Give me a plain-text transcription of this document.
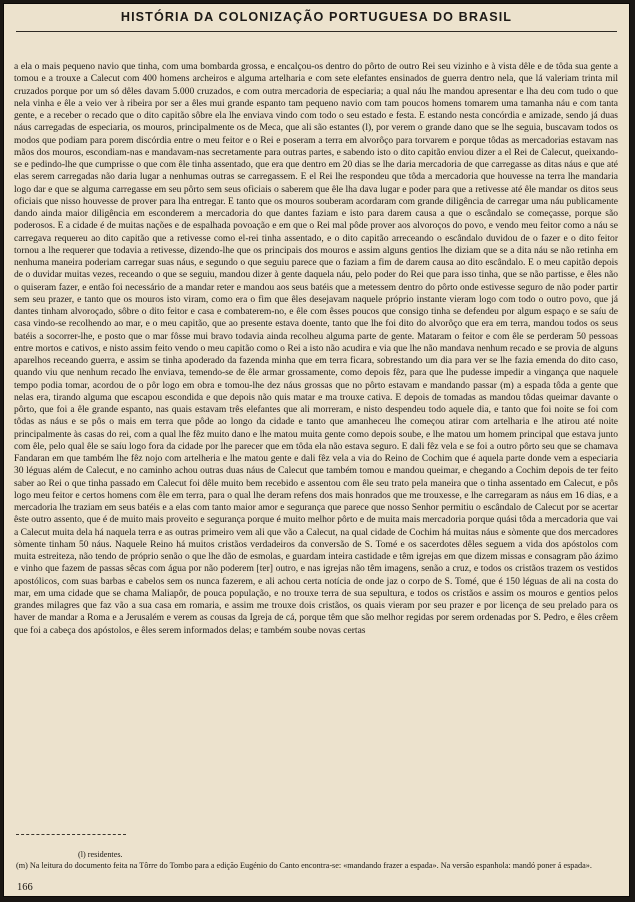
HISTÓRIA DA COLONIZAÇÃO PORTUGUESA DO BRASIL

a ela o mais pequeno navio que tinha, com uma bombarda grossa, e encalçou-os dentro do pôrto de outro Rei seu vizinho e à vista dêle e de tôda sua gente a tomou e a trouxe a Calecut com 400 homens archeiros e alguma artelharia e com sete elefantes ensinados de guerra dentro nela, que lá valeriam trinta mil cruzados porque por um só dêles davam 5.000 cruzados, e com outra mercadoria de especiaria; a qual náu lhe mandou apresentar e lha deu com tudo o que nela vinha e êle a veio ver à ribeira por ser a êles mui grande espanto tam pequeno navio com tam poucos homens tomarem uma tamanha náu e com tanta gente, e a receber o recado que o dito capitão sôbre ela lhe enviava vindo com todo o seu estado e festa. E estando nesta concórdia e amizade, sendo já duas náus carregadas de especiaria, os mouros, principalmente os de Meca, que ali são estantes (l), por verem o grande dano que se lhe seguia, buscavam todos os modos que podiam para porem discórdia entre o meu feitor e o Rei e poseram a terra em alvorôço para torvarem e porque tôdas as mercadorias estavam nas mãos dos mouros, escondiam-nas e mandavam-nas secretamente para outras partes, e sabendo isto o dito capitão enviou dizer a el Rei de Calecut, queixando-se e pedindo-lhe que cumprisse o que com êle tinha assentado, que era que dentro em 20 dias se lhe daria mercadoria de que carregasse as ditas náus e que até elas serem carregadas não daria lugar a nenhumas outras se carregassem. E el Rei lhe respondeu que tôda a mercadoria que houvesse na terra lhe mandaria logo dar e que se alguma carregasse em seu pôrto sem seus oficiais o saberem que êle lha dava lugar e poder para que a retivesse até êle mandar os ditos seus oficiais que nisso houvesse de prover para lha entregar. E tanto que os mouros souberam acordaram com grande diligência de carregar uma náu publicamente dando ainda maior diligência em esconderem a mercadoria do que dantes faziam e isto para darem causa a que o escândalo se começasse, porque são poderosos. E a cidade é de muitas nações e de espalhada povoação e em que o Rei mal pôde prover aos alvoroços do povo, e vendo meu feitor como a náu se carregava requereu ao dito capitão que a retivesse como el-rei tinha assentado, e o dito capitão arreceando o escândalo duvidou de o fazer e o dito feitor tornou a lhe requerer que todavia a retivesse, dizendo-lhe que os principais dos mouros e assim alguns gentios lhe diziam que se a dita náu se não retinha em nenhuma maneira poderiam carregar suas náus, e segundo o que seguiu parece que o faziam a fim de darem causa ao dito escândalo. E o meu capitão depois de o duvidar muitas vezes, receando o que se seguiu, mandou dizer à gente daquela náu, pelo poder do Rei que para isso tinha, que se não partisse, e êles não o quiseram fazer, e então foi necessário de a mandar reter e mandou aos seus batéis que a metessem dentro do pôrto onde estivesse seguro de não poder partir sem seu prazer, e tanto que os mouros isto viram, como era o fim que êles desejavam naquele próprio instante vieram logo com todo o outro povo, que já dantes tinham alvoroçado, sôbre o dito feitor e casa e combaterem-no, e êle com êsses poucos que consigo tinha se defendeu por algum espaço e se saíu de casa vindo-se recolhendo ao mar, e o meu capitão, que ao presente estava doente, tanto que lhe foi dito do alvorôço que era em terra, mandou todos os seus batéis a socorrer-lhe, e posto que o mar fôsse mui bravo todavia ainda recolheu alguma parte de gente. Mataram o feitor e com êle se perderam 50 pessoas entre mortos e cativos, e nisto assim feito vendo o meu capitão como o Rei a isto não acudira e via que lhe não mandava nenhum recado e se provia de alguns aparelhos receando guerra, e assim se tinha apoderado da fazenda minha que em terra ficara, sobrestando um dia para ver se lhe fazia emenda do dito caso, quando viu que nenhum recado lhe enviava, temendo-se de êle armar grossamente, como depois fêz, para que lhe pudesse impedir a vingança que naquele tempo podia tomar, acordou de o pôr logo em obra e tomou-lhe dez náus grossas que no pôrto estavam e mandando passar (m) a espada tôda a gente que nelas era, tirando alguma que escapou escondida e que depois não quis matar e ma trouxe cativa. E depois de tomadas as mandou tôdas queimar davante o pôrto, que foi a êle grande espanto, nas quais estavam três elefantes que ali morreram, e nisto despendeu todo aquele dia, e tanto que foi noite se foi com tôdas as náus e se pôs o mais em terra que pôde ao longo da cidade e tanto que amanheceu lhe começou atirar com artelharia e lhe atirou até noite principalmente às casas do rei, com a qual lhe fêz muito dano e lhe matou muita gente como depois soube, e lhe matou um homem principal que estava junto com êle, pelo qual êle se saíu logo fora da cidade por lhe parecer que em tôda ela não estava seguro. E dali fêz vela e se foi a outro pôrto seu que se chamava Fandaran em que também lhe fêz nojo com artelheria e lhe matou gente e dali fêz vela a via do Reino de Cochim que é aquela parte donde vem a especiaria 30 léguas além de Calecut, e no caminho achou outras duas náus de Calecut que também tomou e mandou queimar, e chegando a Cochim depois de ter feito saber ao Rei o que tinha passado em Calecut foi dêle muito bem recebido e assentou com êle seu trato pela maneira que o tinha assentado em Calecut, e pôs logo meu feitor e certos homens com êle em terra, para o qual lhe deram refens dos mais honrados que me trouxesse, e lhe carregaram as náus em 16 dias, e a mercadoria lhe traziam em seus batéis e a elas com tanto maior amor e segurança que parece que nosso Senhor permitiu o escândalo de Calecut por se acertar êste outro assento, que é de muito mais proveito e segurança porque é muito melhor pôrto e de muita mais mercadoria porque quási tôda a mercadoria que vai a Calecut muita dela há naquela terra e as outras primeiro vem ali que vão a Calecut, na qual cidade de Cochim há muitas náus e sòmente que dos mercadores sòmente tinham 50 náus. Naquele Reino há muitos cristãos verdadeiros da conversão de S. Tomé e os sacerdotes dêles seguem a vida dos apóstolos com muita estreiteza, não tendo de próprio senão o que lhe dão de esmolas, e guardam inteira castidade e têm igrejas em que dizem missas e consagram pão ázimo e vinho que fazem de passas sêcas com água por não poderem [ter] outro, e nas igrejas não têm imagens, senão a cruz, e todos os cristãos trazem os vestidos apostólicos, com suas barbas e cabelos sem os nunca fazerem, e ali achou certa notícia de onde jaz o corpo de S. Tomé, que é 150 léguas de ali na costa do mar, em uma cidade que se chama Maliapôr, de pouca população, e no trouxe terra de sua sepultura, e todos os cristãos e assim os mouros e gentios pelos grandes milagres que faz vão a sua casa em romaria, e assim me trouxe dois cristãos, os quais vieram por seu prazer e por licença de seu prelado para os haver de mandar a Roma e a Jerusalém e verem as cousas da Igreja de cá, porque têm que são melhor regidas por serem ordenadas por S. Pedro, e êles crêem que foi a cabeça dos apóstolos, e êles serem informados delas; e também soube novas certas

(l) residentes.

(m) Na leitura do documento feita na Tôrre do Tombo para a edição Eugénio do Canto encontra-se: «mandando frazer a espada». Na versão espanhola: mandó poner á espada».

166
